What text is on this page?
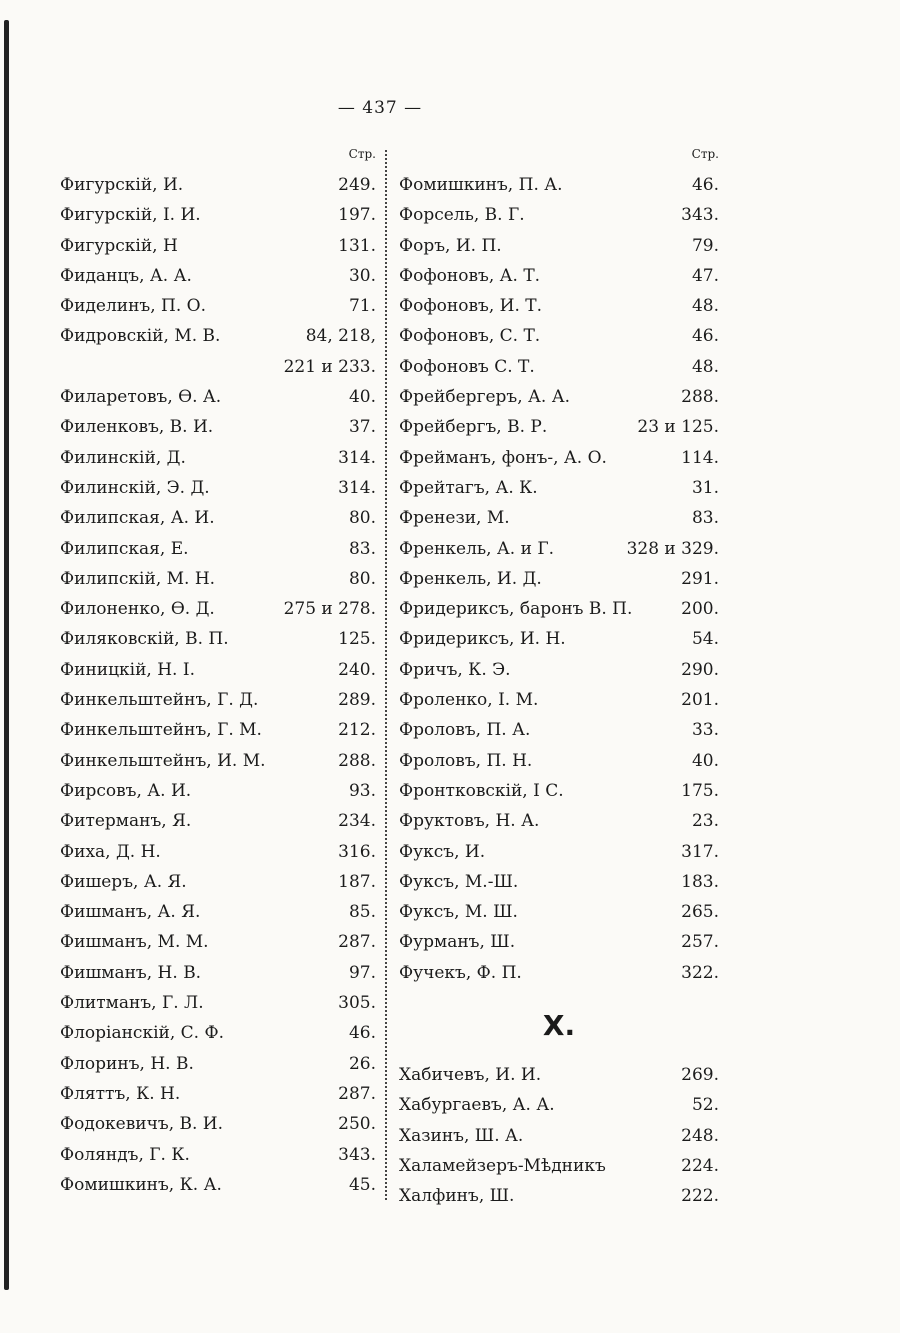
— 437 —
Стр.
Фигурскій, И.	249.
Фигурскій, І. И.	197.
Фигурскій, Н	131.
Фиданцъ, А. А.	30.
Фиделинъ, П. О.	71.
Фидровскій, М. В.	84, 218,
221 и 233.
Филаретовъ, Ѳ. А.	40.
Филенковъ, В. И.	37.
Филинскій, Д.	314.
Филинскій, Э. Д.	314.
Филипская, А. И.	80.
Филипская, Е.	83.
Филипскій, М. Н.	80.
Филоненко, Ѳ. Д.	275 и 278.
Филяковскій, В. П.	125.
Финицкій, Н. І.	240.
Финкельштейнъ, Г. Д.	289.
Финкельштейнъ, Г. М.	212.
Финкельштейнъ, И. М.	288.
Фирсовъ, А. И.	93.
Фитерманъ, Я.	234.
Фиха, Д. Н.	316.
Фишеръ, А. Я.	187.
Фишманъ, А. Я.	85.
Фишманъ, М. М.	287.
Фишманъ, Н. В.	97.
Флитманъ, Г. Л.	305.
Флоріанскій, С. Ф.	46.
Флоринъ, Н. В.	26.
Фляттъ, К. Н.	287.
Фодокевичъ, В. И.	250.
Фоляндъ, Г. К.	343.
Фомишкинъ, К. А.	45.
Стр.
Фомишкинъ, П. А.	46.
Форсель, В. Г.	343.
Форъ, И. П.	79.
Фофоновъ, А. Т.	47.
Фофоновъ, И. Т.	48.
Фофоновъ, С. Т.	46.
Фофоновъ С. Т.	48.
Фрейбергеръ, А. А.	288.
Фрейбергъ, В. Р.	23 и 125.
Фрейманъ, фонъ-, А. О.	114.
Фрейтагъ, А. К.	31.
Френези, М.	83.
Френкель, А. и Г.	328 и 329.
Френкель, И. Д.	291.
Фридериксъ, баронъ В. П.	200.
Фридериксъ, И. Н.	54.
Фричъ, К. Э.	290.
Фроленко, І. М.	201.
Фроловъ, П. А.	33.
Фроловъ, П. Н.	40.
Фронтковскій, І С.	175.
Фруктовъ, Н. А.	23.
Фуксъ, И.	317.
Фуксъ, М.-Ш.	183.
Фуксъ, М. Ш.	265.
Фурманъ, Ш.	257.
Фучекъ, Ф. П.	322.
X.
Хабичевъ, И. И.	269.
Хабургаевъ, А. А.	52.
Хазинъ, Ш. А.	248.
Халамейзеръ-Мѣдникъ	224.
Халфинъ, Ш.	222.
